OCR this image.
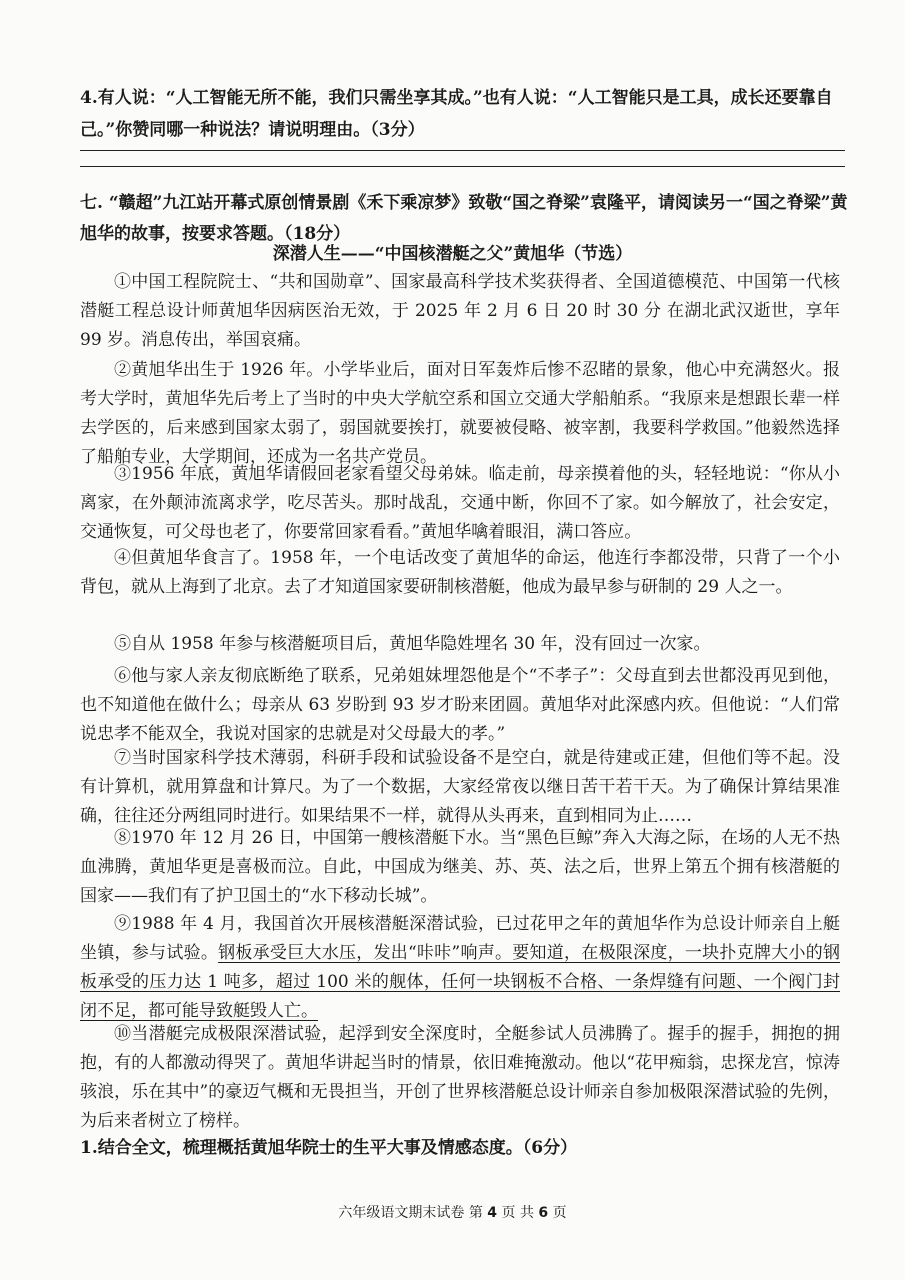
4.有人说：“人工智能无所不能，我们只需坐享其成。”也有人说：“人工智能只是工具，成长还要靠自己。”你赞同哪一种说法？请说明理由。（3分）
七. “赣超”九江站开幕式原创情景剧《禾下乘凉梦》致敬“国之脊梁”袁隆平，请阅读另一“国之脊梁”黄旭华的故事，按要求答题。（18分）
深潜人生——“中国核潜艇之父”黄旭华（节选）
①中国工程院院士、“共和国勋章”、国家最高科学技术奖获得者、全国道德模范、中国第一代核潜艇工程总设计师黄旭华因病医治无效，于 2025 年 2 月 6 日 20 时 30 分 在湖北武汉逝世，享年 99 岁。消息传出，举国哀痛。
②黄旭华出生于 1926 年。小学毕业后，面对日军轰炸后惨不忍睹的景象，他心中充满怒火。报考大学时，黄旭华先后考上了当时的中央大学航空系和国立交通大学船舶系。“我原来是想跟长辈一样去学医的，后来感到国家太弱了，弱国就要挨打，就要被侵略、被宰割，我要科学救国。”他毅然选择了船舶专业，大学期间，还成为一名共产党员。
③1956 年底，黄旭华请假回老家看望父母弟妹。临走前，母亲摸着他的头，轻轻地说：“你从小离家，在外颠沛流离求学，吃尽苦头。那时战乱，交通中断，你回不了家。如今解放了，社会安定，交通恢复，可父母也老了，你要常回家看看。”黄旭华噙着眼泪，满口答应。
④但黄旭华食言了。1958 年，一个电话改变了黄旭华的命运，他连行李都没带，只背了一个小背包，就从上海到了北京。去了才知道国家要研制核潜艇，他成为最早参与研制的 29 人之一。
⑤自从 1958 年参与核潜艇项目后，黄旭华隐姓埋名 30 年，没有回过一次家。
⑥他与家人亲友彻底断绝了联系，兄弟姐妹埋怨他是个“不孝子”：父母直到去世都没再见到他，也不知道他在做什么；母亲从 63 岁盼到 93 岁才盼来团圆。黄旭华对此深感内疚。但他说：“人们常说忠孝不能双全，我说对国家的忠就是对父母最大的孝。”
⑦当时国家科学技术薄弱，科研手段和试验设备不是空白，就是待建或正建，但他们等不起。没有计算机，就用算盘和计算尺。为了一个数据，大家经常夜以继日苦干若干天。为了确保计算结果准确，往往还分两组同时进行。如果结果不一样，就得从头再来，直到相同为止……
⑧1970 年 12 月 26 日，中国第一艘核潜艇下水。当“黑色巨鲸”奔入大海之际，在场的人无不热血沸腾，黄旭华更是喜极而泣。自此，中国成为继美、苏、英、法之后，世界上第五个拥有核潜艇的国家——我们有了护卫国土的“水下移动长城”。
⑨1988 年 4 月，我国首次开展核潜艇深潜试验，已过花甲之年的黄旭华作为总设计师亲自上艇坐镇，参与试验。钢板承受巨大水压，发出“咔咔”响声。要知道，在极限深度，一块扑克牌大小的钢板承受的压力达 1 吨多，超过 100 米的舰体，任何一块钢板不合格、一条焊缝有问题、一个阀门封闭不足，都可能导致艇毁人亡。
⑩当潜艇完成极限深潜试验，起浮到安全深度时，全艇参试人员沸腾了。握手的握手，拥抱的拥抱，有的人都激动得哭了。黄旭华讲起当时的情景，依旧难掩激动。他以“花甲痴翁，忠探龙宫，惊涛骇浪，乐在其中”的豪迈气概和无畏担当，开创了世界核潜艇总设计师亲自参加极限深潜试验的先例，为后来者树立了榜样。
1.结合全文，梳理概括黄旭华院士的生平大事及情感态度。（6分）
六年级语文期末试卷 第 4 页 共 6 页
